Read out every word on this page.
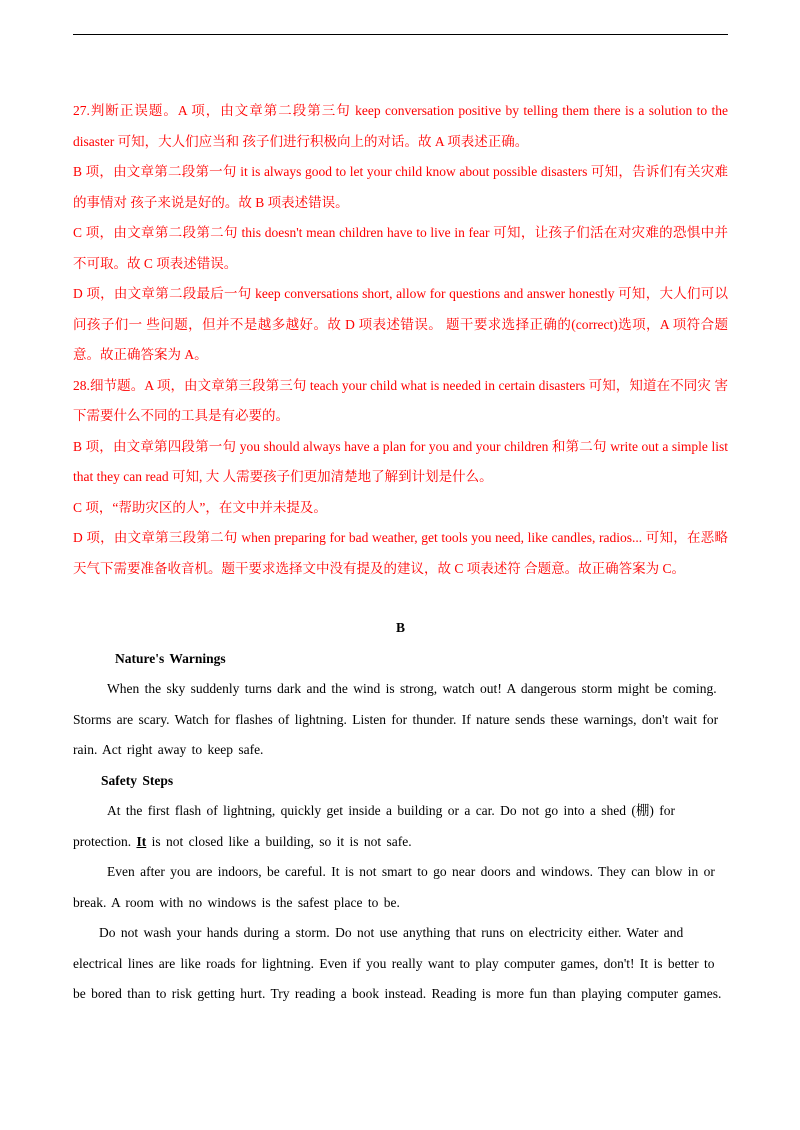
27.判断正误题。A 项，由文章第二段第三句 keep conversation positive by telling them there is a solution to the disaster 可知，大人们应当和 孩子们进行积极向上的对话。故 A 项表述正确。

B 项，由文章第二段第一句 it is always good to let your child know about possible disasters 可知，告诉们有关灾难的事情对 孩子来说是好的。故 B 项表述错误。

C 项，由文章第二段第二句 this doesn't mean children have to live in fear 可知，让孩子们活在对灾难的恐惧中并不可取。故 C 项表述错误。

D 项，由文章第二段最后一句 keep conversations short, allow for questions and answer honestly 可知，大人们可以问孩子们一 些问题，但并不是越多越好。故 D 项表述错误。 题干要求选择正确的(correct)选项，A 项符合题 意。故正确答案为 A。

28.细节题。A 项，由文章第三段第三句 teach your child what is needed in certain disasters 可知，知道在不同灾 害下需要什么不同的工具是有必要的。

B 项，由文章第四段第一句 you should always have a plan for you and your children 和第二句 write out a simple list that they can read 可知, 大 人需要孩子们更加清楚地了解到计划是什么。

C 项，“帮助灾区的人”，在文中并未提及。

D 项，由文章第三段第二句 when preparing for bad weather, get tools you need, like candles, radios... 可知，在恶略天气下需要准备收音机。题干要求选择文中没有提及的建议，故 C 项表述符 合题意。故正确答案为 C。

B

Nature's Warnings

When the sky suddenly turns dark and the wind is strong, watch out! A dangerous storm might be coming. Storms are scary. Watch for flashes of lightning. Listen for thunder. If nature sends these warnings, don't wait for rain. Act right away to keep safe.

Safety Steps

At the first flash of lightning, quickly get inside a building or a car. Do not go into a shed (棚) for protection. It is not closed like a building, so it is not safe.

Even after you are indoors, be careful. It is not smart to go near doors and windows. They can blow in or break. A room with no windows is the safest place to be.

Do not wash your hands during a storm. Do not use anything that runs on electricity either. Water and electrical lines are like roads for lightning. Even if you really want to play computer games, don't! It is better to be bored than to risk getting hurt. Try reading a book instead. Reading is more fun than playing computer games.
